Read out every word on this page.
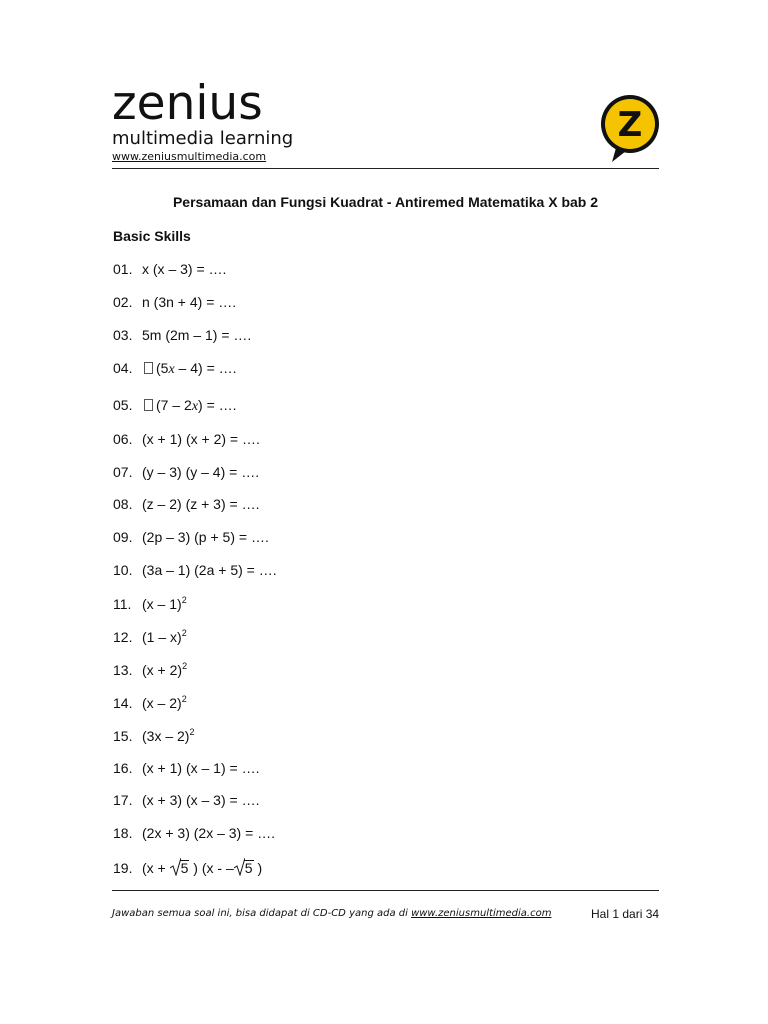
zenius
multimedia learning
www.zeniusmultimedia.com
Z
Persamaan dan Fungsi Kuadrat - Antiremed Matematika X bab 2
Basic Skills
01. x (x – 3) = ….
02. n (3n + 4) = ….
03. 5m (2m – 1) = ….
04. (5x – 4) = ….
05. (7 – 2x) = ….
06. (x + 1) (x + 2) = ….
07. (y – 3) (y – 4) = ….
08. (z – 2) (z + 3) = ….
09. (2p – 3) (p + 5) = ….
10. (3a – 1) (2a + 5) = ….
11. (x – 1)$^2$
12. (1 – x)$^2$
13. $(x + 2)^2$
14. (x – 2)$^2$
15. (3x – 2)$^2$
16. (x + 1) (x – 1) = ….
17. (x + 3) (x – 3) = ….
18. (2x + 3) (2x – 3) = ….
19. (x +
5 ) (x - – 5 )
Jawaban semua soal ini, bisa didapat di CD-CD yang ada di www.zeniusmultimedia.com	Hal 1 dari 34
